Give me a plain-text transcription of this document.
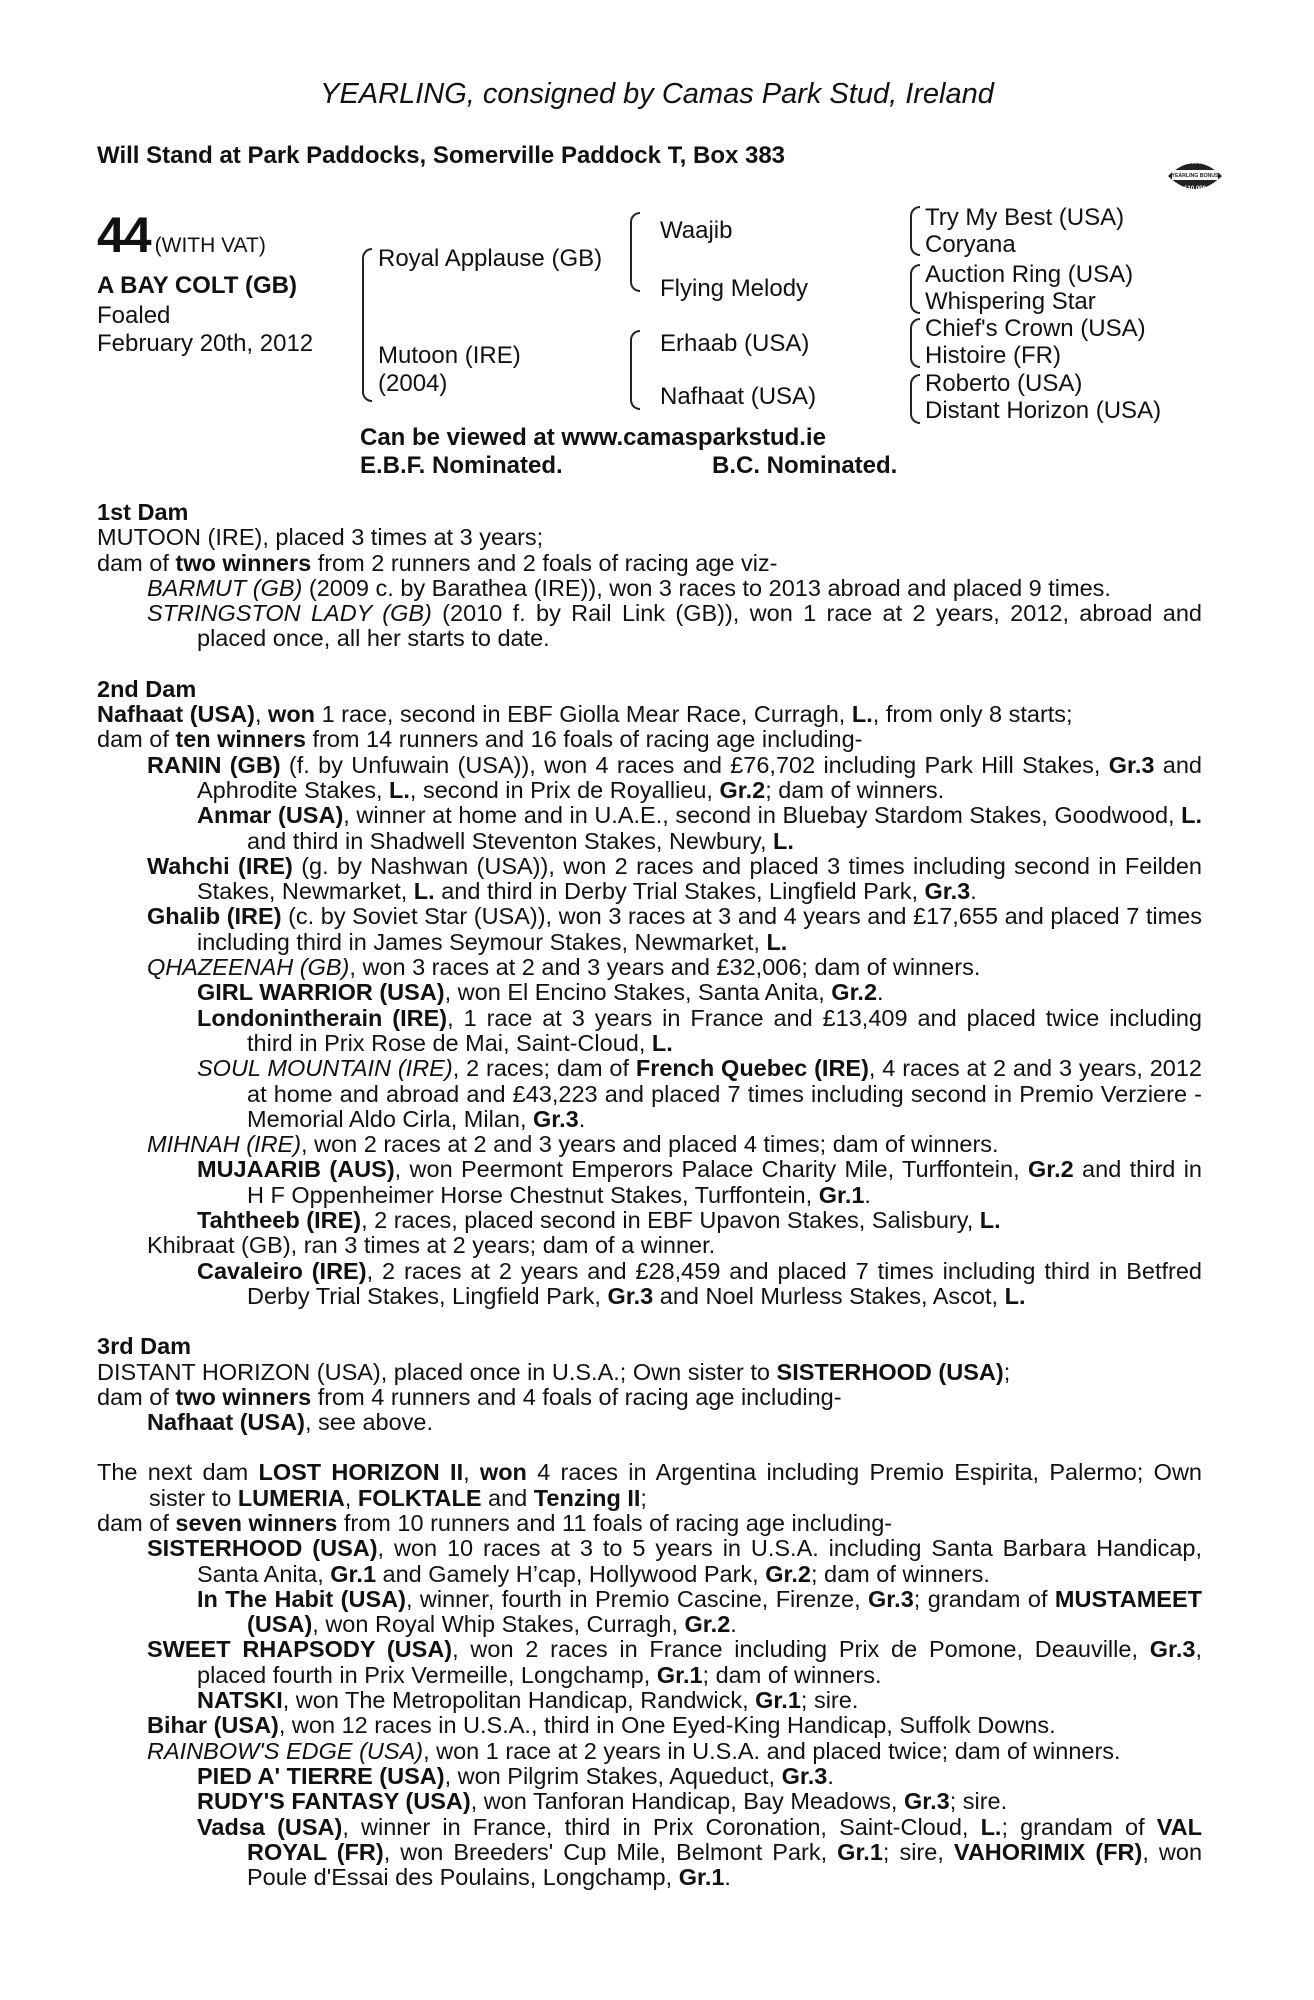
YEARLING, consigned by Camas Park Stud, Ireland
Will Stand at Park Paddocks, Somerville Paddock T, Box 383	RACING POST
YEARLING BONUS
£10,000
44 (WITH VAT)
A BAY COLT (GB)
Foaled
February 20th, 2012
Royal Applause (GB)
Mutoon (IRE)
(2004)
Waajib
Flying Melody
Erhaab (USA)
Nafhaat (USA)
Try My Best (USA)
Coryana
Auction Ring (USA)
Whispering Star
Chief's Crown (USA)
Histoire (FR)
Roberto (USA)
Distant Horizon (USA)
Can be viewed at www.camasparkstud.ie
E.B.F. Nominated.	B.C. Nominated.
1st Dam
MUTOON (IRE), placed 3 times at 3 years;
dam of two winners from 2 runners and 2 foals of racing age viz-
BARMUT (GB) (2009 c. by Barathea (IRE)), won 3 races to 2013 abroad and placed 9 times.
STRINGSTON LADY (GB) (2010 f. by Rail Link (GB)), won 1 race at 2 years, 2012, abroad and placed once, all her starts to date.
2nd Dam
Nafhaat (USA), won 1 race, second in EBF Giolla Mear Race, Curragh, L., from only 8 starts;
dam of ten winners from 14 runners and 16 foals of racing age including-
RANIN (GB) (f. by Unfuwain (USA)), won 4 races and £76,702 including Park Hill Stakes, Gr.3 and Aphrodite Stakes, L., second in Prix de Royallieu, Gr.2; dam of winners.
Anmar (USA), winner at home and in U.A.E., second in Bluebay Stardom Stakes, Goodwood, L. and third in Shadwell Steventon Stakes, Newbury, L.
Wahchi (IRE) (g. by Nashwan (USA)), won 2 races and placed 3 times including second in Feilden Stakes, Newmarket, L. and third in Derby Trial Stakes, Lingfield Park, Gr.3.
Ghalib (IRE) (c. by Soviet Star (USA)), won 3 races at 3 and 4 years and £17,655 and placed 7 times including third in James Seymour Stakes, Newmarket, L.
QHAZEENAH (GB), won 3 races at 2 and 3 years and £32,006; dam of winners.
GIRL WARRIOR (USA), won El Encino Stakes, Santa Anita, Gr.2.
Londonintherain (IRE), 1 race at 3 years in France and £13,409 and placed twice including third in Prix Rose de Mai, Saint-Cloud, L.
SOUL MOUNTAIN (IRE), 2 races; dam of French Quebec (IRE), 4 races at 2 and 3 years, 2012 at home and abroad and £43,223 and placed 7 times including second in Premio Verziere - Memorial Aldo Cirla, Milan, Gr.3.
MIHNAH (IRE), won 2 races at 2 and 3 years and placed 4 times; dam of winners.
MUJAARIB (AUS), won Peermont Emperors Palace Charity Mile, Turffontein, Gr.2 and third in H F Oppenheimer Horse Chestnut Stakes, Turffontein, Gr.1.
Tahtheeb (IRE), 2 races, placed second in EBF Upavon Stakes, Salisbury, L.
Khibraat (GB), ran 3 times at 2 years; dam of a winner.
Cavaleiro (IRE), 2 races at 2 years and £28,459 and placed 7 times including third in Betfred Derby Trial Stakes, Lingfield Park, Gr.3 and Noel Murless Stakes, Ascot, L.
3rd Dam
DISTANT HORIZON (USA), placed once in U.S.A.; Own sister to SISTERHOOD (USA);
dam of two winners from 4 runners and 4 foals of racing age including-
Nafhaat (USA), see above.
The next dam LOST HORIZON II, won 4 races in Argentina including Premio Espirita, Palermo; Own sister to LUMERIA, FOLKTALE and Tenzing II;
dam of seven winners from 10 runners and 11 foals of racing age including-
SISTERHOOD (USA), won 10 races at 3 to 5 years in U.S.A. including Santa Barbara Handicap, Santa Anita, Gr.1 and Gamely H’cap, Hollywood Park, Gr.2; dam of winners.
In The Habit (USA), winner, fourth in Premio Cascine, Firenze, Gr.3; grandam of MUSTAMEET (USA), won Royal Whip Stakes, Curragh, Gr.2.
SWEET RHAPSODY (USA), won 2 races in France including Prix de Pomone, Deauville, Gr.3, placed fourth in Prix Vermeille, Longchamp, Gr.1; dam of winners.
NATSKI, won The Metropolitan Handicap, Randwick, Gr.1; sire.
Bihar (USA), won 12 races in U.S.A., third in One Eyed-King Handicap, Suffolk Downs.
RAINBOW'S EDGE (USA), won 1 race at 2 years in U.S.A. and placed twice; dam of winners.
PIED A' TIERRE (USA), won Pilgrim Stakes, Aqueduct, Gr.3.
RUDY'S FANTASY (USA), won Tanforan Handicap, Bay Meadows, Gr.3; sire.
Vadsa (USA), winner in France, third in Prix Coronation, Saint-Cloud, L.; grandam of VAL ROYAL (FR), won Breeders' Cup Mile, Belmont Park, Gr.1; sire, VAHORIMIX (FR), won Poule d'Essai des Poulains, Longchamp, Gr.1.
